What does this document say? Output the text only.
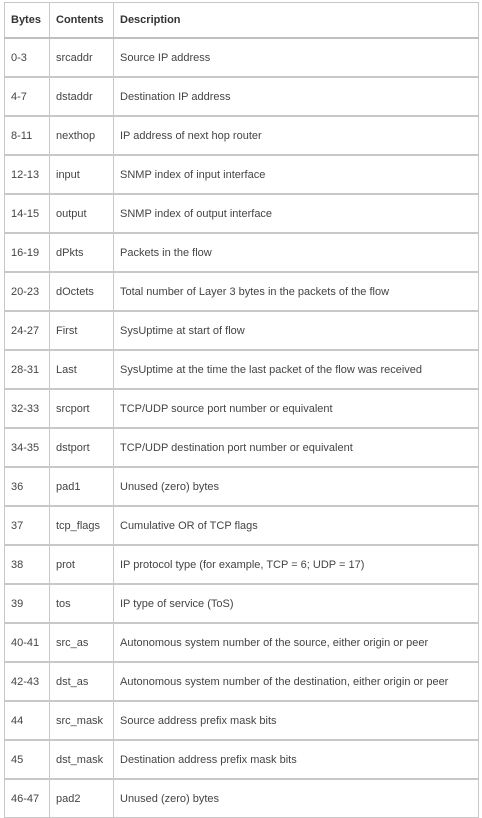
Bytes	Contents	Description
0-3	srcaddr	Source IP address
4-7	dstaddr	Destination IP address
8-11	nexthop	IP address of next hop router
12-13	input	SNMP index of input interface
14-15	output	SNMP index of output interface
16-19	dPkts	Packets in the flow
20-23	dOctets	Total number of Layer 3 bytes in the packets of the flow
24-27	First	SysUptime at start of flow
28-31	Last	SysUptime at the time the last packet of the flow was received
32-33	srcport	TCP/UDP source port number or equivalent
34-35	dstport	TCP/UDP destination port number or equivalent
36	pad1	Unused (zero) bytes
37	tcp_flags	Cumulative OR of TCP flags
38	prot	IP protocol type (for example, TCP = 6; UDP = 17)
39	tos	IP type of service (ToS)
40-41	src_as	Autonomous system number of the source, either origin or peer
42-43	dst_as	Autonomous system number of the destination, either origin or peer
44	src_mask	Source address prefix mask bits
45	dst_mask	Destination address prefix mask bits
46-47	pad2	Unused (zero) bytes
